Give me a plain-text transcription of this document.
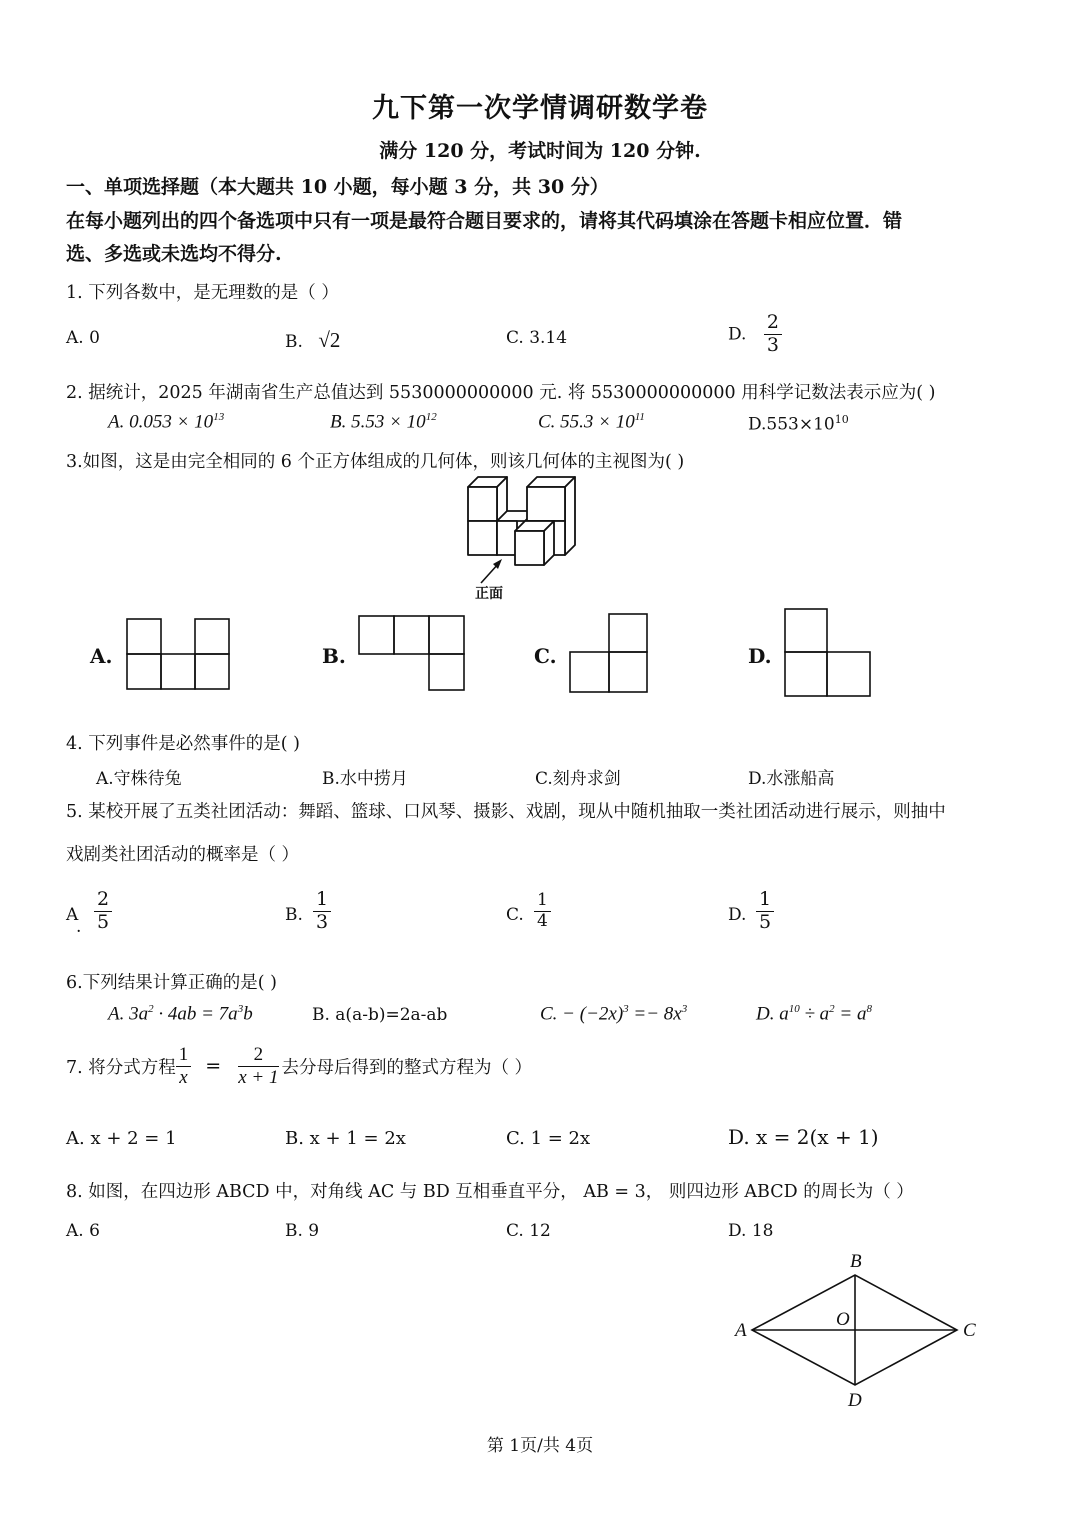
九下第一次学情调研数学卷
满分 120 分，考试时间为 120 分钟.
一、单项选择题（本大题共 10 小题，每小题 3 分，共 30 分）
在每小题列出的四个备选项中只有一项是最符合题目要求的，请将其代码填涂在答题卡相应位置．错
选、多选或未选均不得分.
1. 下列各数中，是无理数的是（ ）
A. 0	B. √2	C. 3.14	D. $\frac{2}{3}$
2. 据统计，2025 年湖南省生产总值达到 5530000000000 元. 将 5530000000000 用科学记数法表示应为( )
A. $0.053 \times 10^{13}$	B. $5.53 \times 10^{12}$	C. $55.3 \times 10^{11}$	$D.553\times 10^{10}$
3.如图，这是由完全相同的 6 个正方体组成的几何体，则该几何体的主视图为( )
正面
A.	B.	C.	D.
4. 下列事件是必然事件的是( )
A.守株待兔	B.水中捞月	C.刻舟求剑	D.水涨船高
5. 某校开展了五类社团活动：舞蹈、篮球、口风琴、摄影、戏剧，现从中随机抽取一类社团活动进行展示，则抽中
戏剧类社团活动的概率是（ ）
A
. $\frac{2}{5}$	B. $\frac{1}{3}$	C. $\frac{1}{4}$	D. $\frac{1}{5}$
6.下列结果计算正确的是( )
A. $3a^2 \cdot 4ab = 7a^3b$	B. a(a-b)=2a-ab	C. − $(-2x)^3 =- 8x^3$	D. $a^{10} \div a^2 = a^8$
7. 将分式方程 $\frac{1}{x} = \frac{2}{x + 1}$ 去分母后得到的整式方程为（ ）
A. x + 2 = 1	B. x + 1 = 2x	C. 1 = 2x	D. x = 2(x + 1)
8. 如图，在四边形 ABCD 中，对角线 AC 与 BD 互相垂直平分， AB = 3， 则四边形 ABCD 的周长为（ ）
A. 6	B. 9	C. 12	D. 18
A
B
C
D
O
第 1页/共 4页
